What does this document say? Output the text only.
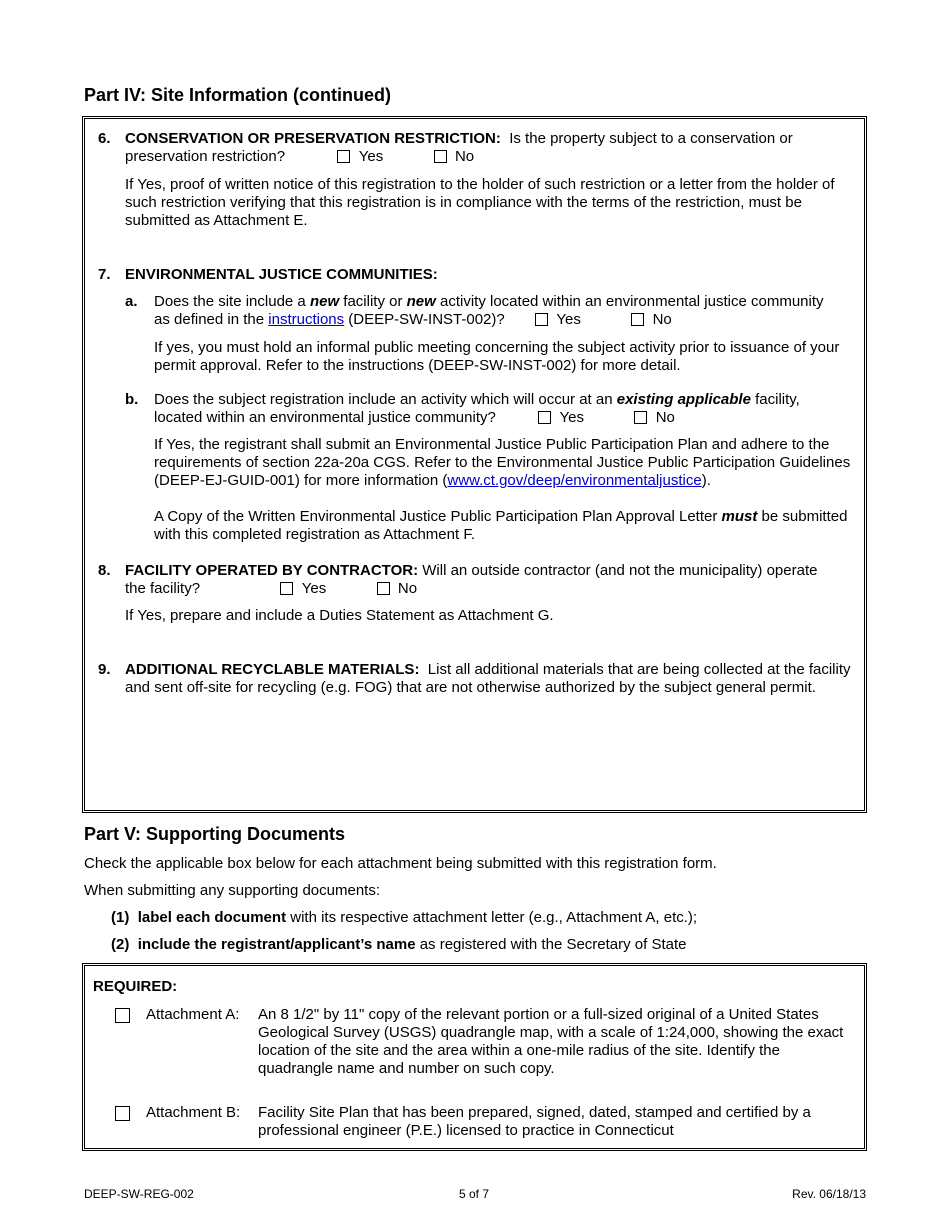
Part IV: Site Information (continued)
6. CONSERVATION OR PRESERVATION RESTRICTION: Is the property subject to a conservation or
preservation restriction?	Yes	No
If Yes, proof of written notice of this registration to the holder of such restriction or a letter from the holder of such restriction verifying that this registration is in compliance with the terms of the restriction, must be submitted as Attachment E.
7. ENVIRONMENTAL JUSTICE COMMUNITIES:
a. Does the site include a new facility or new activity located within an environmental justice community
as defined in the instructions (DEEP-SW-INST-002)?	Yes	No
If yes, you must hold an informal public meeting concerning the subject activity prior to issuance of your permit approval. Refer to the instructions (DEEP-SW-INST-002) for more detail.
b. Does the subject registration include an activity which will occur at an existing applicable facility,
located within an environmental justice community?	Yes	No
If Yes, the registrant shall submit an Environmental Justice Public Participation Plan and adhere to the requirements of section 22a-20a CGS. Refer to the Environmental Justice Public Participation Guidelines (DEEP-EJ-GUID-001) for more information (www.ct.gov/deep/environmentaljustice).
A Copy of the Written Environmental Justice Public Participation Plan Approval Letter must be submitted with this completed registration as Attachment F.
8. FACILITY OPERATED BY CONTRACTOR: Will an outside contractor (and not the municipality) operate
the facility?	Yes	No
If Yes, prepare and include a Duties Statement as Attachment G.
9. ADDITIONAL RECYCLABLE MATERIALS: List all additional materials that are being collected at the facility and sent off-site for recycling (e.g. FOG) that are not otherwise authorized by the subject general permit.
Part V: Supporting Documents
Check the applicable box below for each attachment being submitted with this registration form.
When submitting any supporting documents:
(1) label each document with its respective attachment letter (e.g., Attachment A, etc.);
(2) include the registrant/applicant’s name as registered with the Secretary of State
REQUIRED:
Attachment A: An 8 1/2" by 11" copy of the relevant portion or a full-sized original of a United States Geological Survey (USGS) quadrangle map, with a scale of 1:24,000, showing the exact location of the site and the area within a one-mile radius of the site. Identify the quadrangle name and number on such copy.
Attachment B: Facility Site Plan that has been prepared, signed, dated, stamped and certified by a professional engineer (P.E.) licensed to practice in Connecticut
DEEP-SW-REG-002	5 of 7	Rev. 06/18/13
